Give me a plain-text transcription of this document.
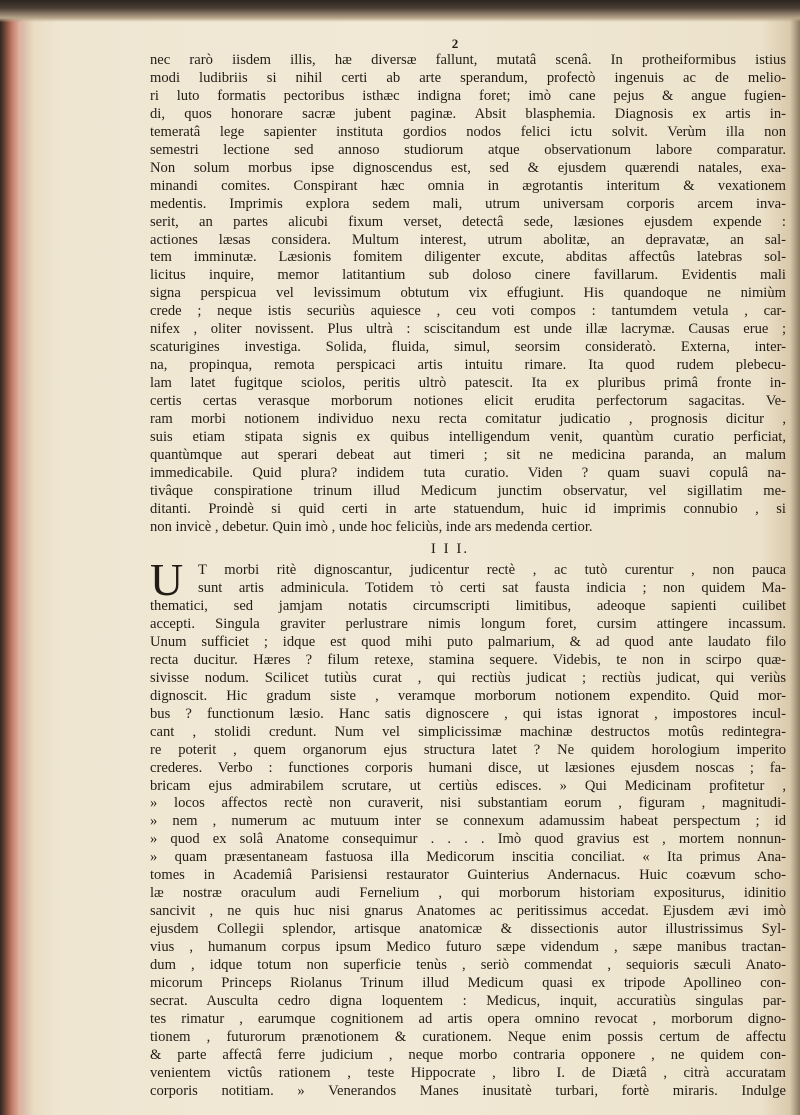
2
nec rarò iisdem illis, hæ diversæ fallunt, mutatâ scenâ. In protheiformibus istius
modi ludibriis si nihil certi ab arte sperandum, profectò ingenuis ac de melio-
ri luto formatis pectoribus isthæc indigna foret; imò cane pejus & angue fugien-
di, quos honorare sacræ jubent paginæ. Absit blasphemia. Diagnosis ex artis in-
temeratâ lege sapienter instituta gordios nodos felici ictu solvit. Verùm illa non
semestri lectione sed annoso studiorum atque observationum labore comparatur.
Non solum morbus ipse dignoscendus est, sed & ejusdem quærendi natales, exa-
minandi comites. Conspirant hæc omnia in ægrotantis interitum & vexationem
medentis. Imprimis explora sedem mali, utrum universam corporis arcem inva-
serit, an partes alicubi fixum verset, detectâ sede, læsiones ejusdem expende :
actiones læsas considera. Multum interest, utrum abolitæ, an depravatæ, an sal-
tem imminutæ. Læsionis fomitem diligenter excute, abditas affectûs latebras sol-
licitus inquire, memor latitantium sub doloso cinere favillarum. Evidentis mali
signa perspicua vel levissimum obtutum vix effugiunt. His quandoque ne nimiùm
crede ; neque istis securiùs aquiesce , ceu voti compos : tantumdem vetula , car-
nifex , oliter novissent. Plus ultrà : sciscitandum est unde illæ lacrymæ. Causas erue ;
scaturigines investiga. Solida, fluida, simul, seorsim consideratò. Externa, inter-
na, propinqua, remota perspicaci artis intuitu rimare. Ita quod rudem plebecu-
lam latet fugitque sciolos, peritis ultrò patescit. Ita ex pluribus primâ fronte in-
certis certas verasque morborum notiones elicit erudita perfectorum sagacitas. Ve-
ram morbi notionem individuo nexu recta comitatur judicatio , prognosis dicitur ,
suis etiam stipata signis ex quibus intelligendum venit, quantùm curatio perficiat,
quantùmque aut sperari debeat aut timeri ; sit ne medicina paranda, an malum
immedicabile. Quid plura? indidem tuta curatio. Viden ? quam suavi copulâ na-
tivâque conspiratione trinum illud Medicum junctim observatur, vel sigillatim me-
ditanti. Proindè si quid certi in arte statuendum, huic id imprimis connubio , si
non invicè , debetur. Quin imò , unde hoc feliciùs, inde ars medenda certior.
I I I.
U	T morbi ritè dignoscantur, judicentur rectè , ac tutò curentur , non pauca
sunt artis adminicula. Totidem τὸ certi sat fausta indicia ; non quidem Ma-
thematici, sed jamjam notatis circumscripti limitibus, adeoque sapienti cuilibet
accepti. Singula graviter perlustrare nimis longum foret, cursim attingere incassum.
Unum sufficiet ; idque est quod mihi puto palmarium, & ad quod ante laudato filo
recta ducitur. Hæres ? filum retexe, stamina sequere. Videbis, te non in scirpo quæ-
sivisse nodum. Scilicet tutiùs curat , qui rectiùs judicat ; rectiùs judicat, qui veriùs
dignoscit. Hic gradum siste , veramque morborum notionem expendito. Quid mor-
bus ? functionum læsio. Hanc satis dignoscere , qui istas ignorat , impostores incul-
cant , stolidi credunt. Num vel simplicissimæ machinæ destructos motûs redintegra-
re poterit , quem organorum ejus structura latet ? Ne quidem horologium imperito
crederes. Verbo : functiones corporis humani disce, ut læsiones ejusdem noscas ; fa-
bricam ejus admirabilem scrutare, ut certiùs edisces. » Qui Medicinam profitetur ,
» locos affectos rectè non curaverit, nisi substantiam eorum , figuram , magnitudi-
» nem , numerum ac mutuum inter se connexum adamussim habeat perspectum ; id
» quod ex solâ Anatome consequimur . . . . Imò quod gravius est , mortem nonnun-
» quam præsentaneam fastuosa illa Medicorum inscitia conciliat. « Ita primus Ana-
tomes in Academiâ Parisiensi restaurator Guinterius Andernacus. Huic coævum scho-
læ nostræ oraculum audi Fernelium , qui morborum historiam expositurus, idinitio
sancivit , ne quis huc nisi gnarus Anatomes ac peritissimus accedat. Ejusdem ævi imò
ejusdem Collegii splendor, artisque anatomicæ & dissectionis autor illustrissimus Syl-
vius , humanum corpus ipsum Medico futuro sæpe videndum , sæpe manibus tractan-
dum , idque totum non superficie tenùs , seriò commendat , sequioris sæculi Anato-
micorum Princeps Riolanus Trinum illud Medicum quasi ex tripode Apollineo con-
secrat. Ausculta cedro digna loquentem : Medicus, inquit, accuratiùs singulas par-
tes rimatur , earumque cognitionem ad artis opera omnino revocat , morborum digno-
tionem , futurorum prænotionem & curationem. Neque enim possis certum de affectu
& parte affectâ ferre judicium , neque morbo contraria opponere , ne quidem con-
venientem victûs rationem , teste Hippocrate , libro I. de Diætâ , citrà accuratam
corporis notitiam. » Venerandos Manes inusitatè turbari, fortè miraris. Indulge
